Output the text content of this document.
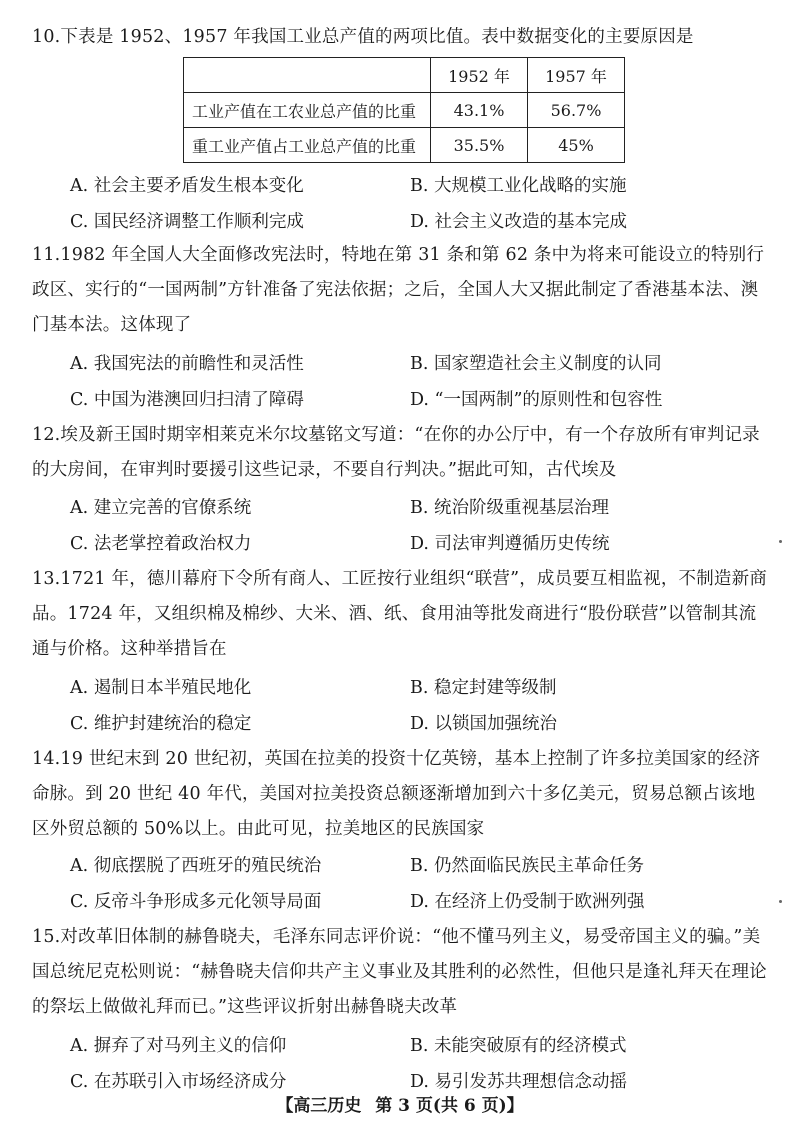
10.下表是 1952、1957 年我国工业总产值的两项比值。表中数据变化的主要原因是

	1952 年	1957 年
工业产值在工农业总产值的比重	43.1%	56.7%
重工业产值占工业总产值的比重	35.5%	45%
A. 社会主要矛盾发生根本变化	B. 大规模工业化战略的实施
C. 国民经济调整工作顺利完成	D. 社会主义改造的基本完成

11.1982 年全国人大全面修改宪法时，特地在第 31 条和第 62 条中为将来可能设立的特别行政区、实行的“一国两制”方针准备了宪法依据；之后，全国人大又据此制定了香港基本法、澳门基本法。这体现了

A. 我国宪法的前瞻性和灵活性	B. 国家塑造社会主义制度的认同
C. 中国为港澳回归扫清了障碍	D. “一国两制”的原则性和包容性

12.埃及新王国时期宰相莱克米尔坟墓铭文写道：“在你的办公厅中，有一个存放所有审判记录的大房间，在审判时要援引这些记录，不要自行判决。”据此可知，古代埃及

A. 建立完善的官僚系统	B. 统治阶级重视基层治理
C. 法老掌控着政治权力	D. 司法审判遵循历史传统

13.1721 年，德川幕府下令所有商人、工匠按行业组织“联营”，成员要互相监视，不制造新商品。1724 年，又组织棉及棉纱、大米、酒、纸、食用油等批发商进行“股份联营”以管制其流通与价格。这种举措旨在

A. 遏制日本半殖民地化	B. 稳定封建等级制
C. 维护封建统治的稳定	D. 以锁国加强统治

14.19 世纪末到 20 世纪初，英国在拉美的投资十亿英镑，基本上控制了许多拉美国家的经济命脉。到 20 世纪 40 年代，美国对拉美投资总额逐渐增加到六十多亿美元，贸易总额占该地区外贸总额的 50%以上。由此可见，拉美地区的民族国家

A. 彻底摆脱了西班牙的殖民统治	B. 仍然面临民族民主革命任务
C. 反帝斗争形成多元化领导局面	D. 在经济上仍受制于欧洲列强

15.对改革旧体制的赫鲁晓夫，毛泽东同志评价说：“他不懂马列主义，易受帝国主义的骗。”美国总统尼克松则说：“赫鲁晓夫信仰共产主义事业及其胜利的必然性，但他只是逢礼拜天在理论的祭坛上做做礼拜而已。”这些评议折射出赫鲁晓夫改革

A. 摒弃了对马列主义的信仰	B. 未能突破原有的经济模式
C. 在苏联引入市场经济成分	D. 易引发苏共理想信念动摇
【高三历史 第 3 页(共 6 页)】
